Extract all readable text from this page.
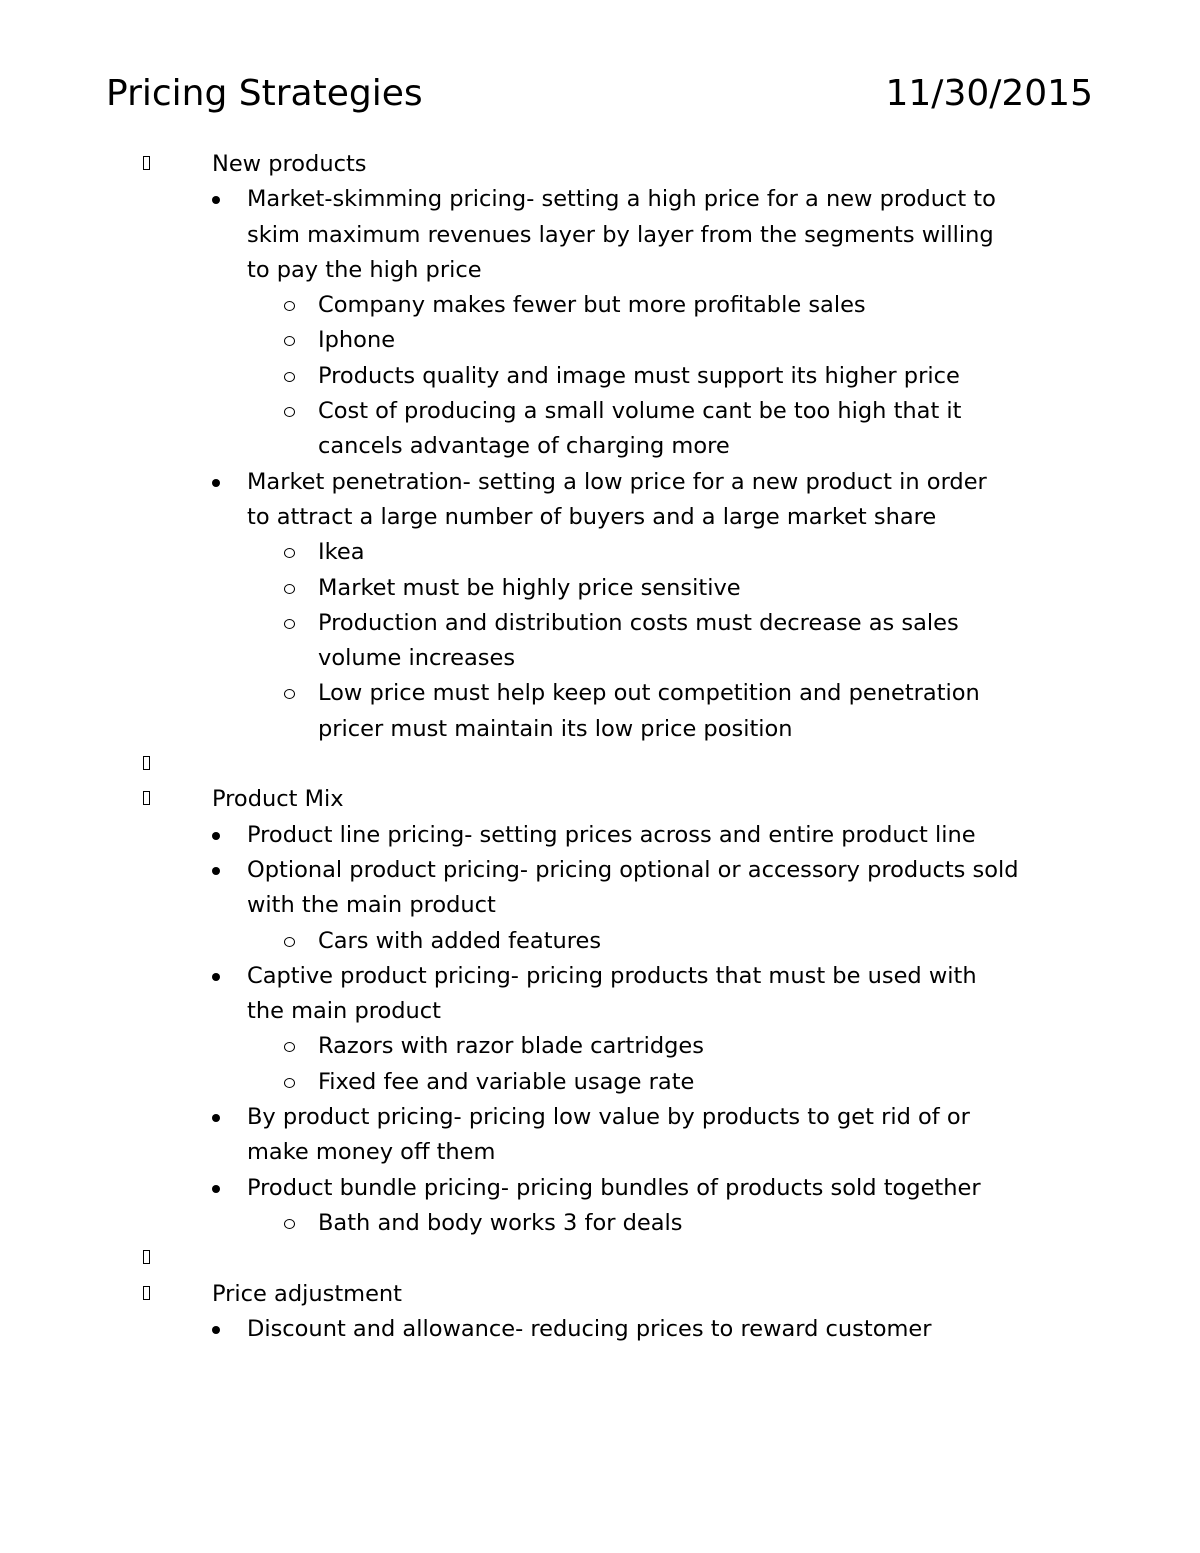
Pricing Strategies	11/30/2015
New products
Market-skimming pricing- setting a high price for a new product to
skim maximum revenues layer by layer from the segments willing
to pay the high price
Company makes fewer but more profitable sales
Iphone
Products quality and image must support its higher price
Cost of producing a small volume cant be too high that it
cancels advantage of charging more
Market penetration- setting a low price for a new product in order
to attract a large number of buyers and a large market share
Ikea
Market must be highly price sensitive
Production and distribution costs must decrease as sales
volume increases
Low price must help keep out competition and penetration
pricer must maintain its low price position
Product Mix
Product line pricing- setting prices across and entire product line
Optional product pricing- pricing optional or accessory products sold
with the main product
Cars with added features
Captive product pricing- pricing products that must be used with
the main product
Razors with razor blade cartridges
Fixed fee and variable usage rate
By product pricing- pricing low value by products to get rid of or
make money off them
Product bundle pricing- pricing bundles of products sold together
Bath and body works 3 for deals
Price adjustment
Discount and allowance- reducing prices to reward customer
